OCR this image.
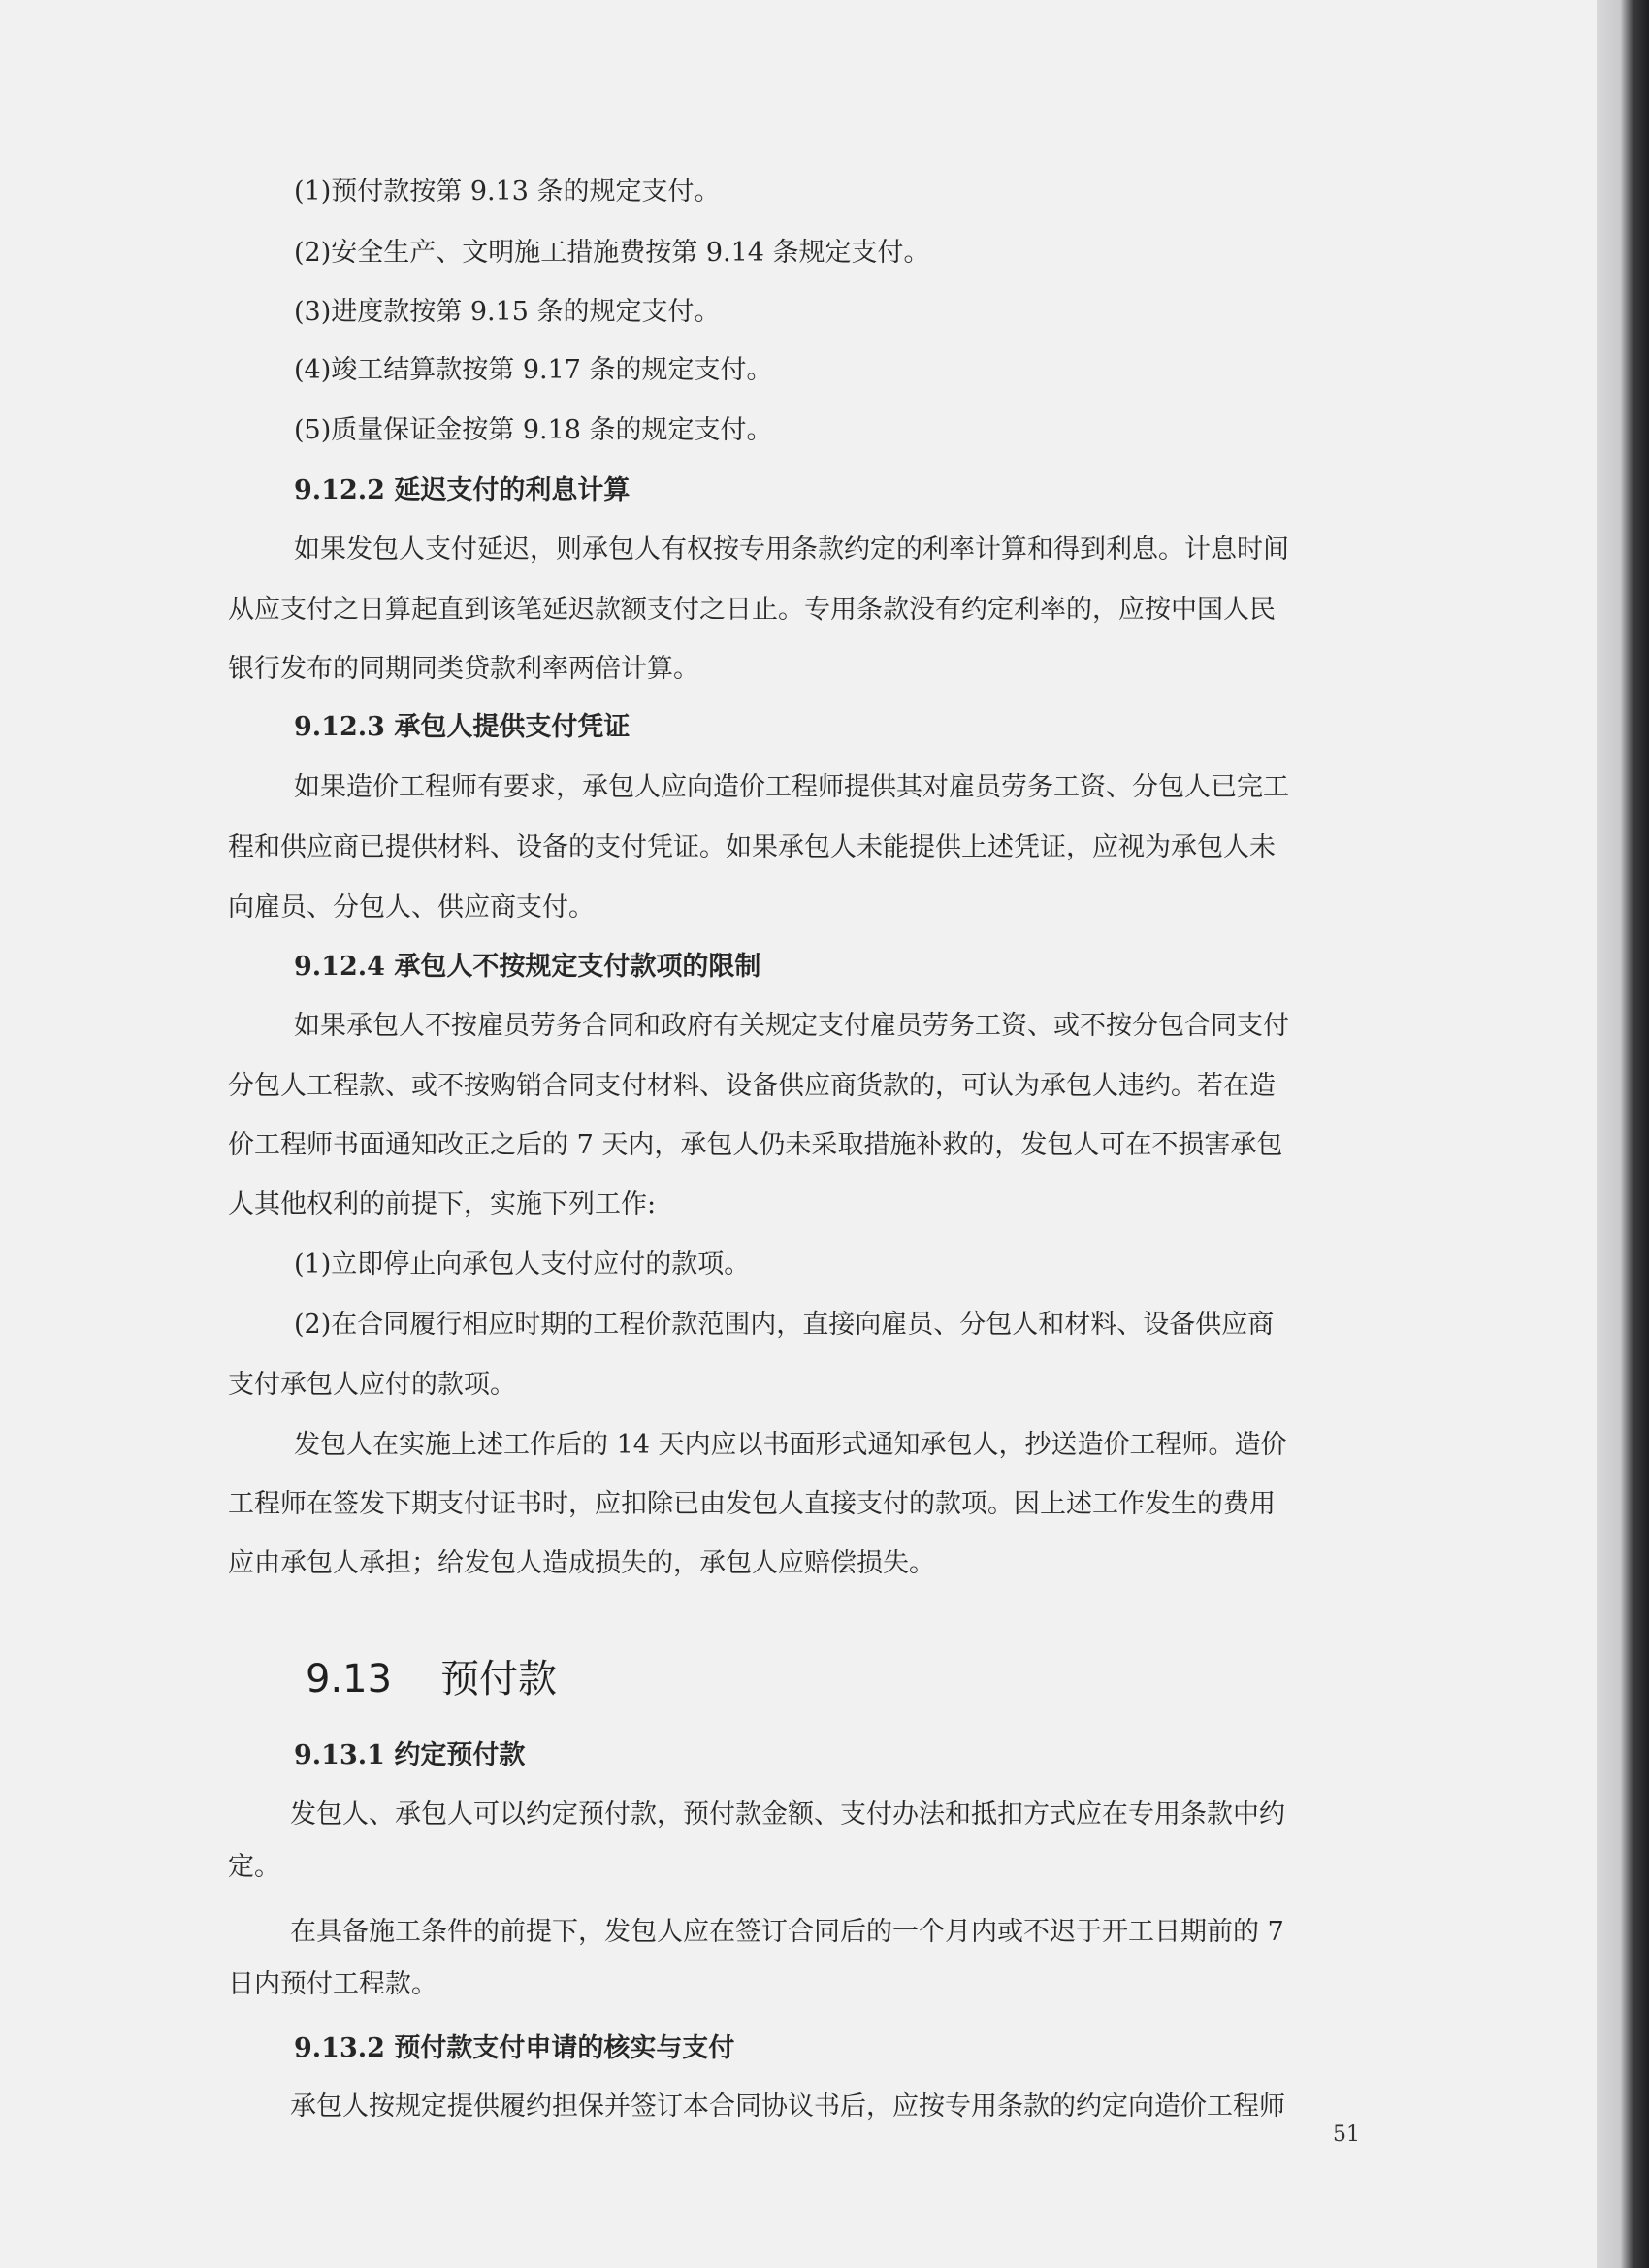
(1)预付款按第 9.13 条的规定支付。
(2)安全生产、文明施工措施费按第 9.14 条规定支付。
(3)进度款按第 9.15 条的规定支付。
(4)竣工结算款按第 9.17 条的规定支付。
(5)质量保证金按第 9.18 条的规定支付。
9.12.2 延迟支付的利息计算
如果发包人支付延迟，则承包人有权按专用条款约定的利率计算和得到利息。计息时间
从应支付之日算起直到该笔延迟款额支付之日止。专用条款没有约定利率的，应按中国人民
银行发布的同期同类贷款利率两倍计算。
9.12.3 承包人提供支付凭证
如果造价工程师有要求，承包人应向造价工程师提供其对雇员劳务工资、分包人已完工
程和供应商已提供材料、设备的支付凭证。如果承包人未能提供上述凭证，应视为承包人未
向雇员、分包人、供应商支付。
9.12.4 承包人不按规定支付款项的限制
如果承包人不按雇员劳务合同和政府有关规定支付雇员劳务工资、或不按分包合同支付
分包人工程款、或不按购销合同支付材料、设备供应商货款的，可认为承包人违约。若在造
价工程师书面通知改正之后的 7 天内，承包人仍未采取措施补救的，发包人可在不损害承包
人其他权利的前提下，实施下列工作:
(1)立即停止向承包人支付应付的款项。
(2)在合同履行相应时期的工程价款范围内，直接向雇员、分包人和材料、设备供应商
支付承包人应付的款项。
发包人在实施上述工作后的 14 天内应以书面形式通知承包人，抄送造价工程师。造价
工程师在签发下期支付证书时，应扣除已由发包人直接支付的款项。因上述工作发生的费用
应由承包人承担；给发包人造成损失的，承包人应赔偿损失。
9.13 预付款
9.13.1 约定预付款
发包人、承包人可以约定预付款，预付款金额、支付办法和抵扣方式应在专用条款中约
定。
在具备施工条件的前提下，发包人应在签订合同后的一个月内或不迟于开工日期前的 7
日内预付工程款。
9.13.2 预付款支付申请的核实与支付
承包人按规定提供履约担保并签订本合同协议书后，应按专用条款的约定向造价工程师
51
